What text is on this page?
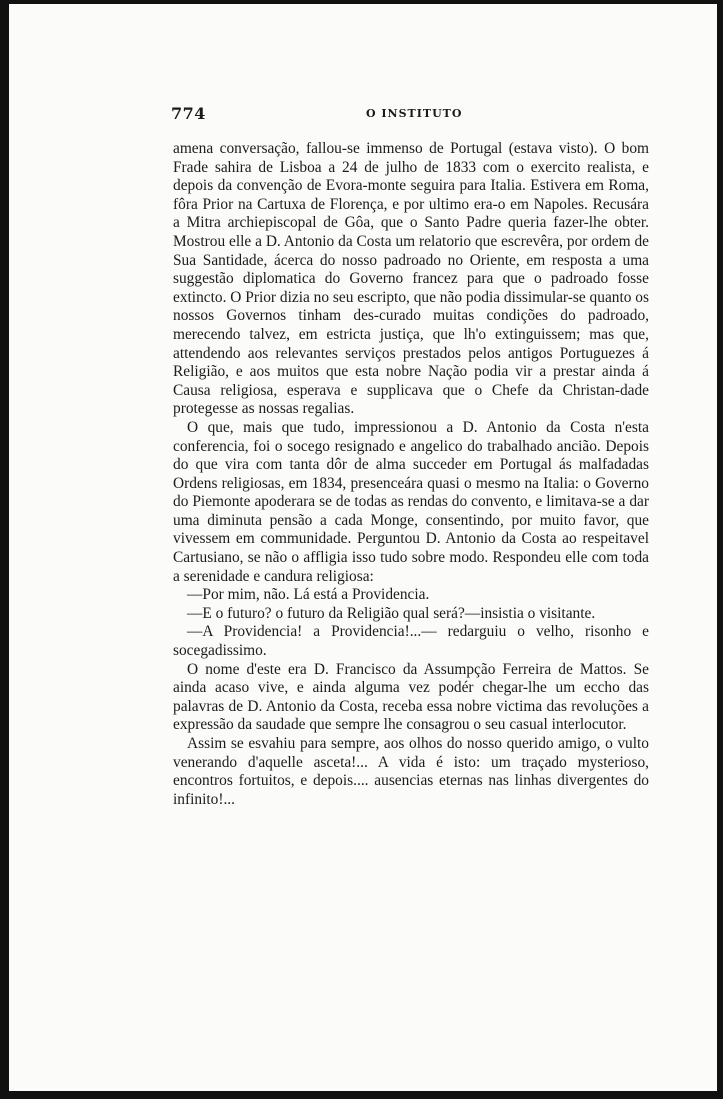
774	O INSTITUTO

amena conversação, fallou-se immenso de Portugal (estava visto). O bom Frade sahira de Lisboa a 24 de julho de 1833 com o exercito realista, e depois da convenção de Evora-monte seguira para Italia. Estivera em Roma, fôra Prior na Cartuxa de Florença, e por ultimo era-o em Napoles. Recusára a Mitra archiepiscopal de Gôa, que o Santo Padre queria fazer-lhe obter. Mostrou elle a D. Antonio da Costa um relatorio que escrevêra, por ordem de Sua Santidade, ácerca do nosso padroado no Oriente, em resposta a uma suggestão diplomatica do Governo francez para que o padroado fosse extincto. O Prior dizia no seu escripto, que não podia dissimular-se quanto os nossos Governos tinham des-curado muitas condições do padroado, merecendo talvez, em estricta justiça, que lh'o extinguissem; mas que, attendendo aos relevantes serviços prestados pelos antigos Portuguezes á Religião, e aos muitos que esta nobre Nação podia vir a prestar ainda á Causa religiosa, esperava e supplicava que o Chefe da Christan-dade protegesse as nossas regalias.

O que, mais que tudo, impressionou a D. Antonio da Costa n'esta conferencia, foi o socego resignado e angelico do trabalhado ancião. Depois do que vira com tanta dôr de alma succeder em Portugal ás malfadadas Ordens religiosas, em 1834, presenceára quasi o mesmo na Italia: o Governo do Piemonte apoderara se de todas as rendas do convento, e limitava-se a dar uma diminuta pensão a cada Monge, consentindo, por muito favor, que vivessem em communidade. Perguntou D. Antonio da Costa ao respeitavel Cartusiano, se não o affligia isso tudo sobre modo. Respondeu elle com toda a serenidade e candura religiosa:

—Por mim, não. Lá está a Providencia.

—E o futuro? o futuro da Religião qual será?—insistia o visitante.

—A Providencia! a Providencia!...— redarguiu o velho, risonho e socegadissimo.

O nome d'este era D. Francisco da Assumpção Ferreira de Mattos. Se ainda acaso vive, e ainda alguma vez podér chegar-lhe um eccho das palavras de D. Antonio da Costa, receba essa nobre victima das revoluções a expressão da saudade que sempre lhe consagrou o seu casual interlocutor.

Assim se esvahiu para sempre, aos olhos do nosso querido amigo, o vulto venerando d'aquelle asceta!... A vida é isto: um traçado mysterioso, encontros fortuitos, e depois.... ausencias eternas nas linhas divergentes do infinito!...
